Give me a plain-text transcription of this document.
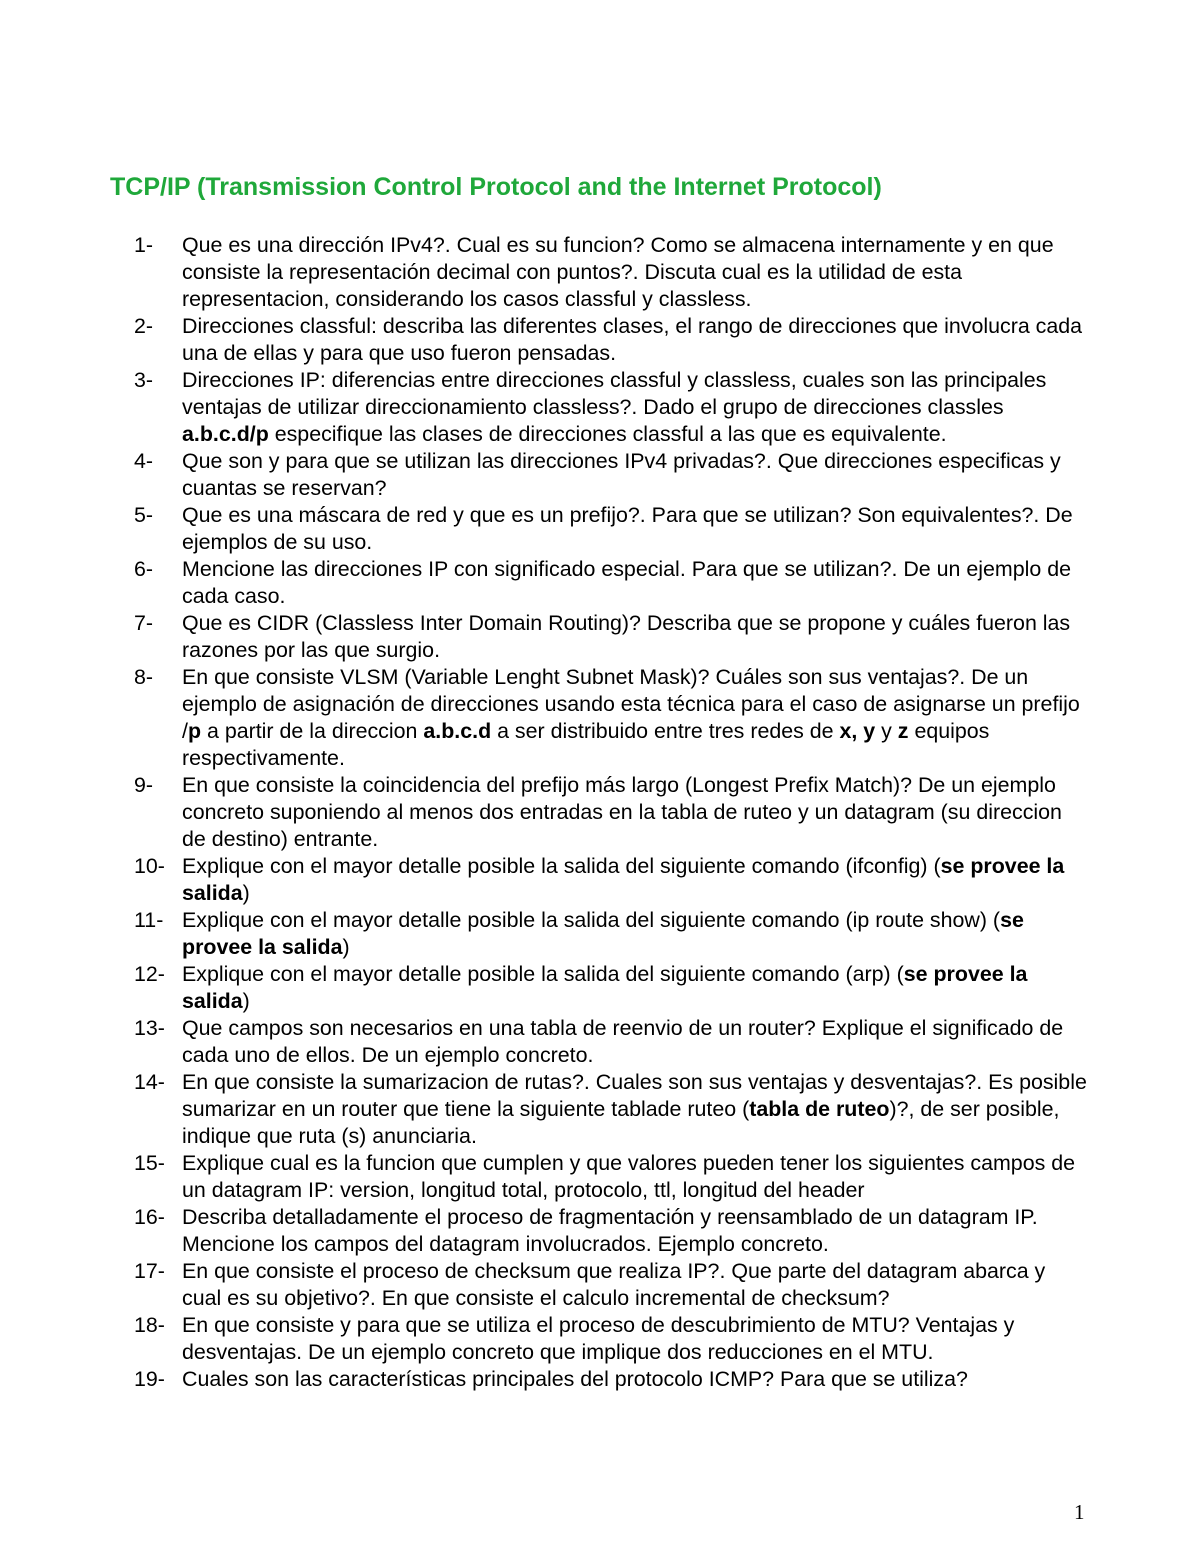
TCP/IP (Transmission Control Protocol and the Internet Protocol)
1-	Que es una dirección IPv4?. Cual es su funcion? Como se almacena internamente y en que consiste la representación decimal con puntos?. Discuta cual es la utilidad de esta representacion, considerando los casos classful y classless.
2-	Direcciones classful: describa las diferentes clases, el rango de direcciones que involucra cada una de ellas y para que uso fueron pensadas.
3-	Direcciones IP: diferencias entre direcciones classful y classless, cuales son las principales ventajas de utilizar direccionamiento classless?. Dado el grupo de direcciones classles a.b.c.d/p especifique las clases de direcciones classful a las que es equivalente.
4-	Que son y para que se utilizan las direcciones IPv4 privadas?. Que direcciones especificas y cuantas se reservan?
5-	Que es una máscara de red y que es un prefijo?. Para que se utilizan? Son equivalentes?. De ejemplos de su uso.
6-	Mencione las direcciones IP con significado especial. Para que se utilizan?. De un ejemplo de cada caso.
7-	Que es CIDR (Classless Inter Domain Routing)? Describa que se propone y cuáles fueron las razones por las que surgio.
8-	En que consiste VLSM (Variable Lenght Subnet Mask)? Cuáles son sus ventajas?. De un ejemplo de asignación de direcciones usando esta técnica para el caso de asignarse un prefijo /p a partir de la direccion a.b.c.d a ser distribuido entre tres redes de x, y y z equipos respectivamente.
9-	En que consiste la coincidencia del prefijo más largo (Longest Prefix Match)? De un ejemplo concreto suponiendo al menos dos entradas en la tabla de ruteo y un datagram (su direccion de destino) entrante.
10- Explique con el mayor detalle posible la salida del siguiente comando (ifconfig) (se provee la salida)
11- Explique con el mayor detalle posible la salida del siguiente comando (ip route show) (se provee la salida)
12- Explique con el mayor detalle posible la salida del siguiente comando (arp) (se provee la salida)
13- Que campos son necesarios en una tabla de reenvio de un router? Explique el significado de cada uno de ellos. De un ejemplo concreto.
14- En que consiste la sumarizacion de rutas?. Cuales son sus ventajas y desventajas?. Es posible sumarizar en un router que tiene la siguiente tablade ruteo (tabla de ruteo)?, de ser posible, indique que ruta (s) anunciaria.
15- Explique cual es la funcion que cumplen y que valores pueden tener los siguientes campos de un datagram IP: version, longitud total, protocolo, ttl, longitud del header
16- Describa detalladamente el proceso de fragmentación y reensamblado de un datagram IP. Mencione los campos del datagram involucrados. Ejemplo concreto.
17- En que consiste el proceso de checksum que realiza IP?. Que parte del datagram abarca y cual es su objetivo?. En que consiste el calculo incremental de checksum?
18- En que consiste y para que se utiliza el proceso de descubrimiento de MTU? Ventajas y desventajas. De un ejemplo concreto que implique dos reducciones en el MTU.
19- Cuales son las características principales del protocolo ICMP? Para que se utiliza?
1
